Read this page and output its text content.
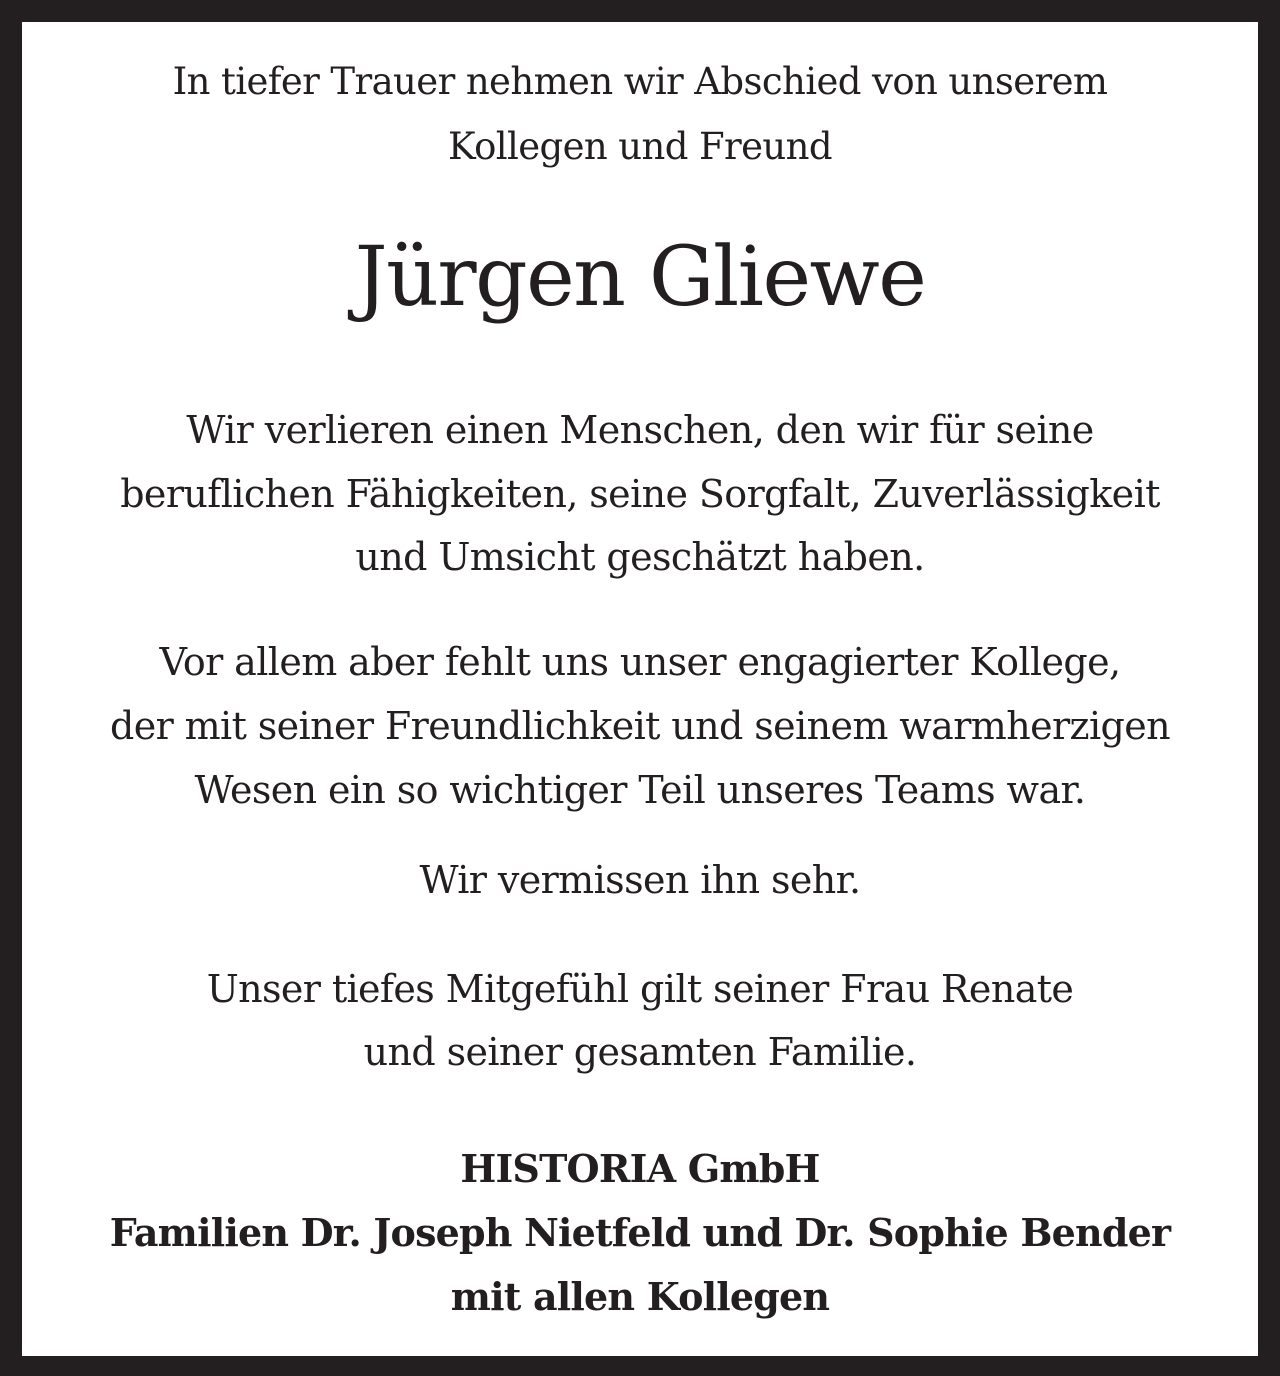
In tiefer Trauer nehmen wir Abschied von unserem
Kollegen und Freund
Jürgen Gliewe
Wir verlieren einen Menschen, den wir für seine
beruflichen Fähigkeiten, seine Sorgfalt, Zuverlässigkeit
und Umsicht geschätzt haben.
Vor allem aber fehlt uns unser engagierter Kollege,
der mit seiner Freundlichkeit und seinem warmherzigen
Wesen ein so wichtiger Teil unseres Teams war.
Wir vermissen ihn sehr.
Unser tiefes Mitgefühl gilt seiner Frau Renate
und seiner gesamten Familie.
HISTORIA GmbH
Familien Dr. Joseph Nietfeld und Dr. Sophie Bender
mit allen Kollegen
